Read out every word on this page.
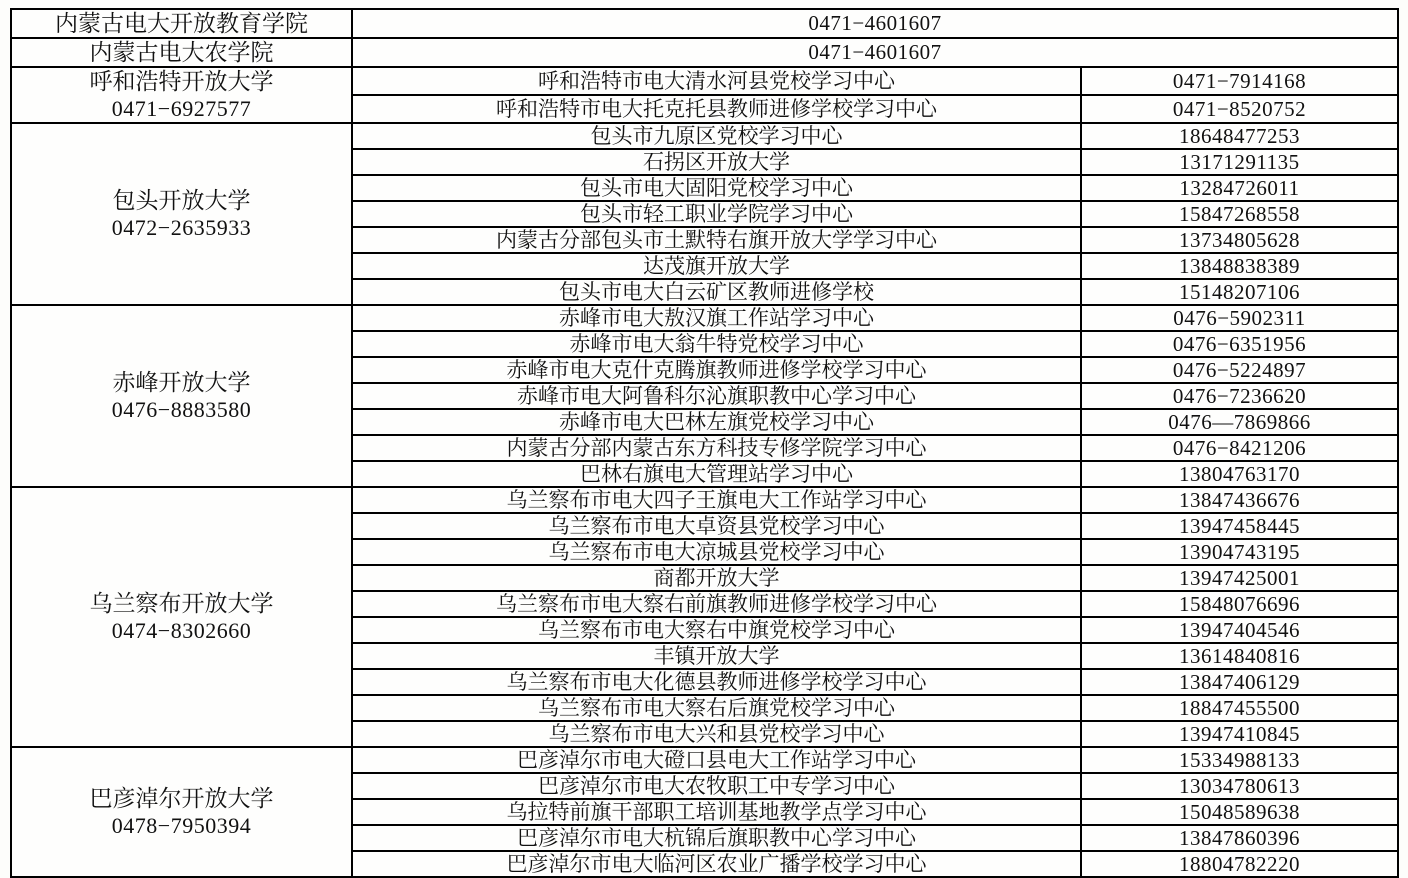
内蒙古电大开放教育学院	0471−4601607	
内蒙古电大农学院	0471−4601607	

呼和浩特开放大学
0471−6927577	呼和浩特市电大清水河县党校学习中心	0471−7914168
	呼和浩特市电大托克托县教师进修学校学习中心	0471−8520752

包头开放大学
0472−2635933	包头市九原区党校学习中心	18648477253
	石拐区开放大学	13171291135
	包头市电大固阳党校学习中心	13284726011
	包头市轻工职业学院学习中心	15847268558
	内蒙古分部包头市土默特右旗开放大学学习中心	13734805628
	达茂旗开放大学	13848838389
	包头市电大白云矿区教师进修学校	15148207106

赤峰开放大学
0476−8883580	赤峰市电大敖汉旗工作站学习中心	0476−5902311
	赤峰市电大翁牛特党校学习中心	0476−6351956
	赤峰市电大克什克腾旗教师进修学校学习中心	0476−5224897
	赤峰市电大阿鲁科尔沁旗职教中心学习中心	0476−7236620
	赤峰市电大巴林左旗党校学习中心	0476—7869866
	内蒙古分部内蒙古东方科技专修学院学习中心	0476−8421206
	巴林右旗电大管理站学习中心	13804763170

乌兰察布开放大学
0474−8302660	乌兰察布市电大四子王旗电大工作站学习中心	13847436676
	乌兰察布市电大卓资县党校学习中心	13947458445
	乌兰察布市电大凉城县党校学习中心	13904743195
	商都开放大学	13947425001
	乌兰察布市电大察右前旗教师进修学校学习中心	15848076696
	乌兰察布市电大察右中旗党校学习中心	13947404546
	丰镇开放大学	13614840816
	乌兰察布市电大化德县教师进修学校学习中心	13847406129
	乌兰察布市电大察右后旗党校学习中心	18847455500
	乌兰察布市电大兴和县党校学习中心	13947410845

巴彦淖尔开放大学
0478−7950394	巴彦淖尔市电大磴口县电大工作站学习中心	15334988133
	巴彦淖尔市电大农牧职工中专学习中心	13034780613
	乌拉特前旗干部职工培训基地教学点学习中心	15048589638
	巴彦淖尔市电大杭锦后旗职教中心学习中心	13847860396
	巴彦淖尔市电大临河区农业广播学校学习中心	18804782220
